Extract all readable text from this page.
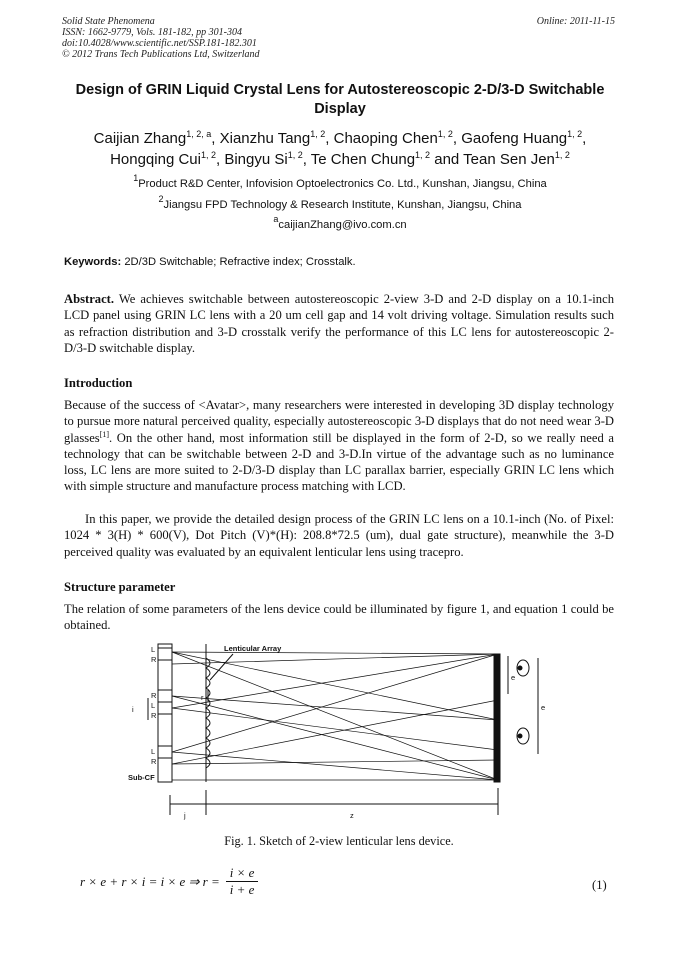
Solid State Phenomena
ISSN: 1662-9779, Vols. 181-182, pp 301-304
doi:10.4028/www.scientific.net/SSP.181-182.301
© 2012 Trans Tech Publications Ltd, Switzerland
Online: 2011-11-15
Design of GRIN Liquid Crystal Lens for Autostereoscopic 2-D/3-D Switchable Display
Caijian Zhang$^{1, 2, a}$, Xianzhu Tang$^{1, 2}$, Chaoping Chen$^{1, 2}$, Gaofeng Huang$^{1, 2}$,
Hongqing Cui$^{1, 2}$, Bingyu Si$^{1, 2}$, Te Chen Chung$^{1, 2}$ and Tean Sen Jen$^{1, 2}$
$^1$Product R&D Center, Infovision Optoelectronics Co. Ltd., Kunshan, Jiangsu, China
$^2$Jiangsu FPD Technology & Research Institute, Kunshan, Jiangsu, China
$^a$caijianZhang@ivo.com.cn
Keywords: 2D/3D Switchable; Refractive index; Crosstalk.
Abstract. We achieves switchable between autostereoscopic 2-view 3-D and 2-D display on a 10.1-inch LCD panel using GRIN LC lens with a 20 um cell gap and 14 volt driving voltage. Simulation results such as refraction distribution and 3-D crosstalk verify the performance of this LC lens for autostereoscopic 2-D/3-D switchable display.
Introduction
Because of the success of <Avatar>, many researchers were interested in developing 3D display technology to pursue more natural perceived quality, especially autostereoscopic 3-D displays that do not need wear 3-D glasses[1]. On the other hand, most information still be displayed in the form of 2-D, so we really need a technology that can be switchable between 2-D and 3-D.In virtue of the advantage such as no luminance loss, LC lens are more suited to 2-D/3-D display than LC parallax barrier, especially GRIN LC lens which with simple structure and manufacture process matching with LCD.
In this paper, we provide the detailed design process of the GRIN LC lens on a 10.1-inch (No. of Pixel: 1024 * 3(H) * 600(V), Dot Pitch (V)*(H): 208.8*72.5 (um), dual gate structure), meanwhile the 3-D perceived quality was evaluated by an equivalent lenticular lens using tracepro.
Structure parameter
The relation of some parameters of the lens device could be illuminated by figure 1, and equation 1 could be obtained.
Lenticular Array
Sub-CF
L
R
R
L
R
L
R
i
r
e
e
j	z
Fig. 1. Sketch of 2-view lenticular lens device.
r × e + r × i = i × e ⇒ $r = \frac{i \times e}{i + e}$	(1)
